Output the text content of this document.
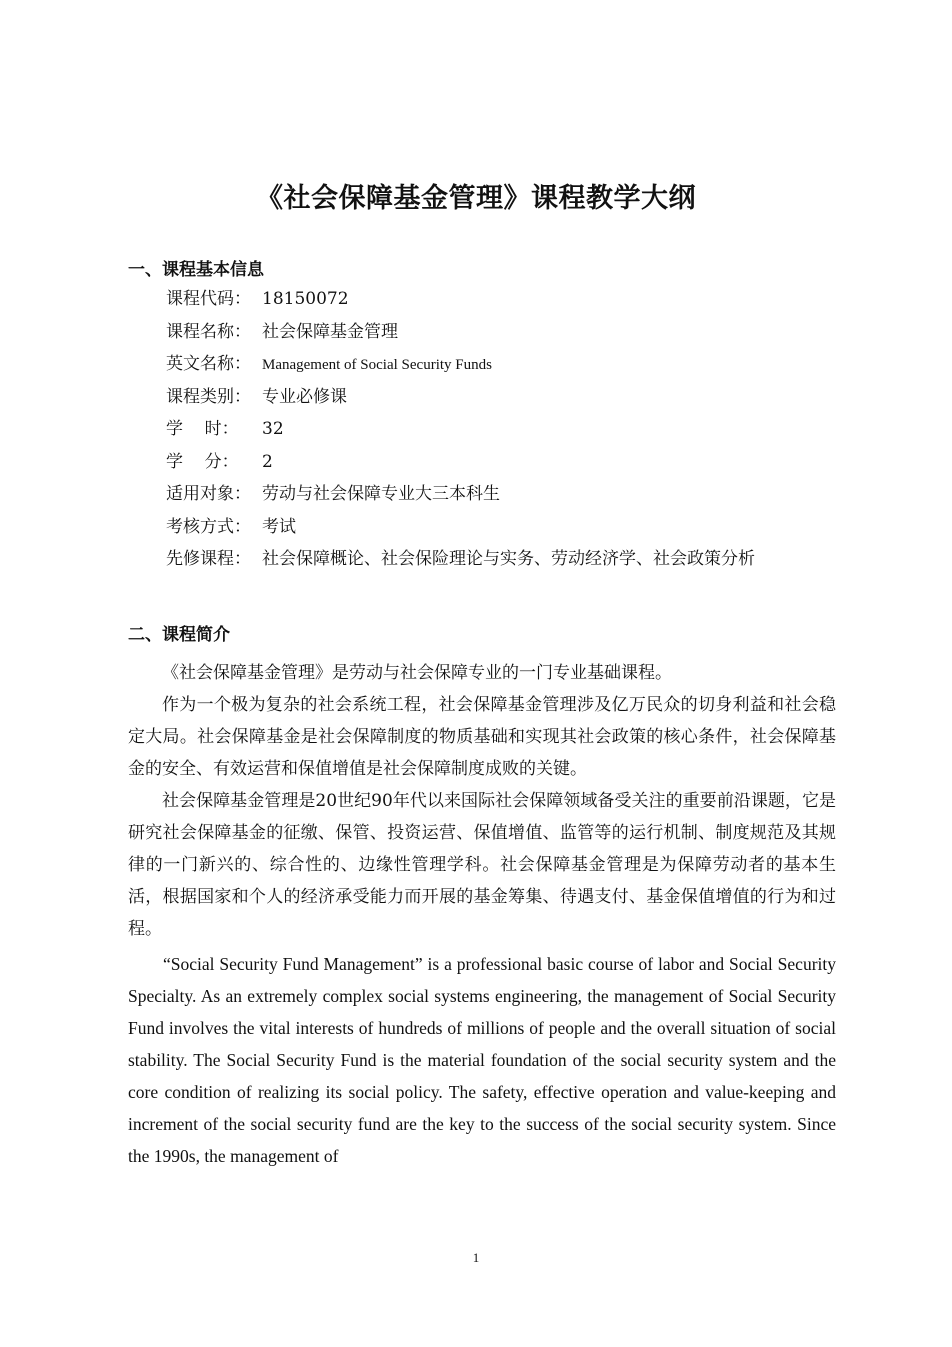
《社会保障基金管理》课程教学大纲
一、课程基本信息
课程代码： 18150072
课程名称： 社会保障基金管理
英文名称： Management of Social Security Funds
课程类别： 专业必修课
学    时： 32
学    分： 2
适用对象： 劳动与社会保障专业大三本科生
考核方式： 考试
先修课程： 社会保障概论、社会保险理论与实务、劳动经济学、社会政策分析
二、课程简介

《社会保障基金管理》是劳动与社会保障专业的一门专业基础课程。

作为一个极为复杂的社会系统工程，社会保障基金管理涉及亿万民众的切身利益和社会稳定大局。社会保障基金是社会保障制度的物质基础和实现其社会政策的核心条件，社会保障基金的安全、有效运营和保值增值是社会保障制度成败的关键。

社会保障基金管理是20世纪90年代以来国际社会保障领域备受关注的重要前沿课题，它是研究社会保障基金的征缴、保管、投资运营、保值增值、监管等的运行机制、制度规范及其规律的一门新兴的、综合性的、边缘性管理学科。社会保障基金管理是为保障劳动者的基本生活，根据国家和个人的经济承受能力而开展的基金筹集、待遇支付、基金保值增值的行为和过程。

“Social Security Fund Management” is a professional basic course of labor and Social Security Specialty. As an extremely complex social systems engineering, the management of Social Security Fund involves the vital interests of hundreds of millions of people and the overall situation of social stability. The Social Security Fund is the material foundation of the social security system and the core condition of realizing its social policy. The safety, effective operation and value-keeping and increment of the social security fund are the key to the success of the social security system. Since the 1990s, the management of

1
